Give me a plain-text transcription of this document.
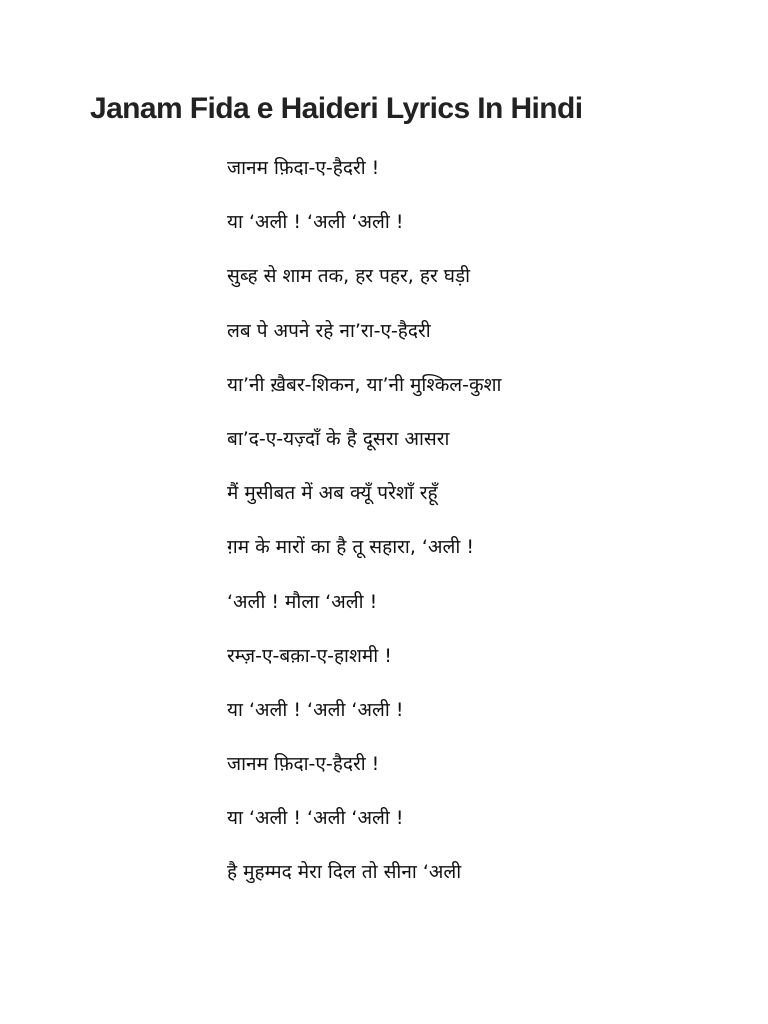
Janam Fida e Haideri Lyrics In Hindi
जानम फ़िदा-ए-हैदरी !
या ‘अली ! ‘अली ‘अली !
सुब्ह से शाम तक, हर पहर, हर घड़ी
लब पे अपने रहे ना’रा-ए-हैदरी
या’नी ख़ैबर-शिकन, या’नी मुश्किल-कुशा
बा’द-ए-यज़्दाँ के है दूसरा आसरा
मैं मुसीबत में अब क्यूँ परेशाँ रहूँ
ग़म के मारों का है तू सहारा, ‘अली !
‘अली ! मौला ‘अली !
रम्ज़-ए-बक़ा-ए-हाशमी !
या ‘अली ! ‘अली ‘अली !
जानम फ़िदा-ए-हैदरी !
या ‘अली ! ‘अली ‘अली !
है मुहम्मद मेरा दिल तो सीना ‘अली
